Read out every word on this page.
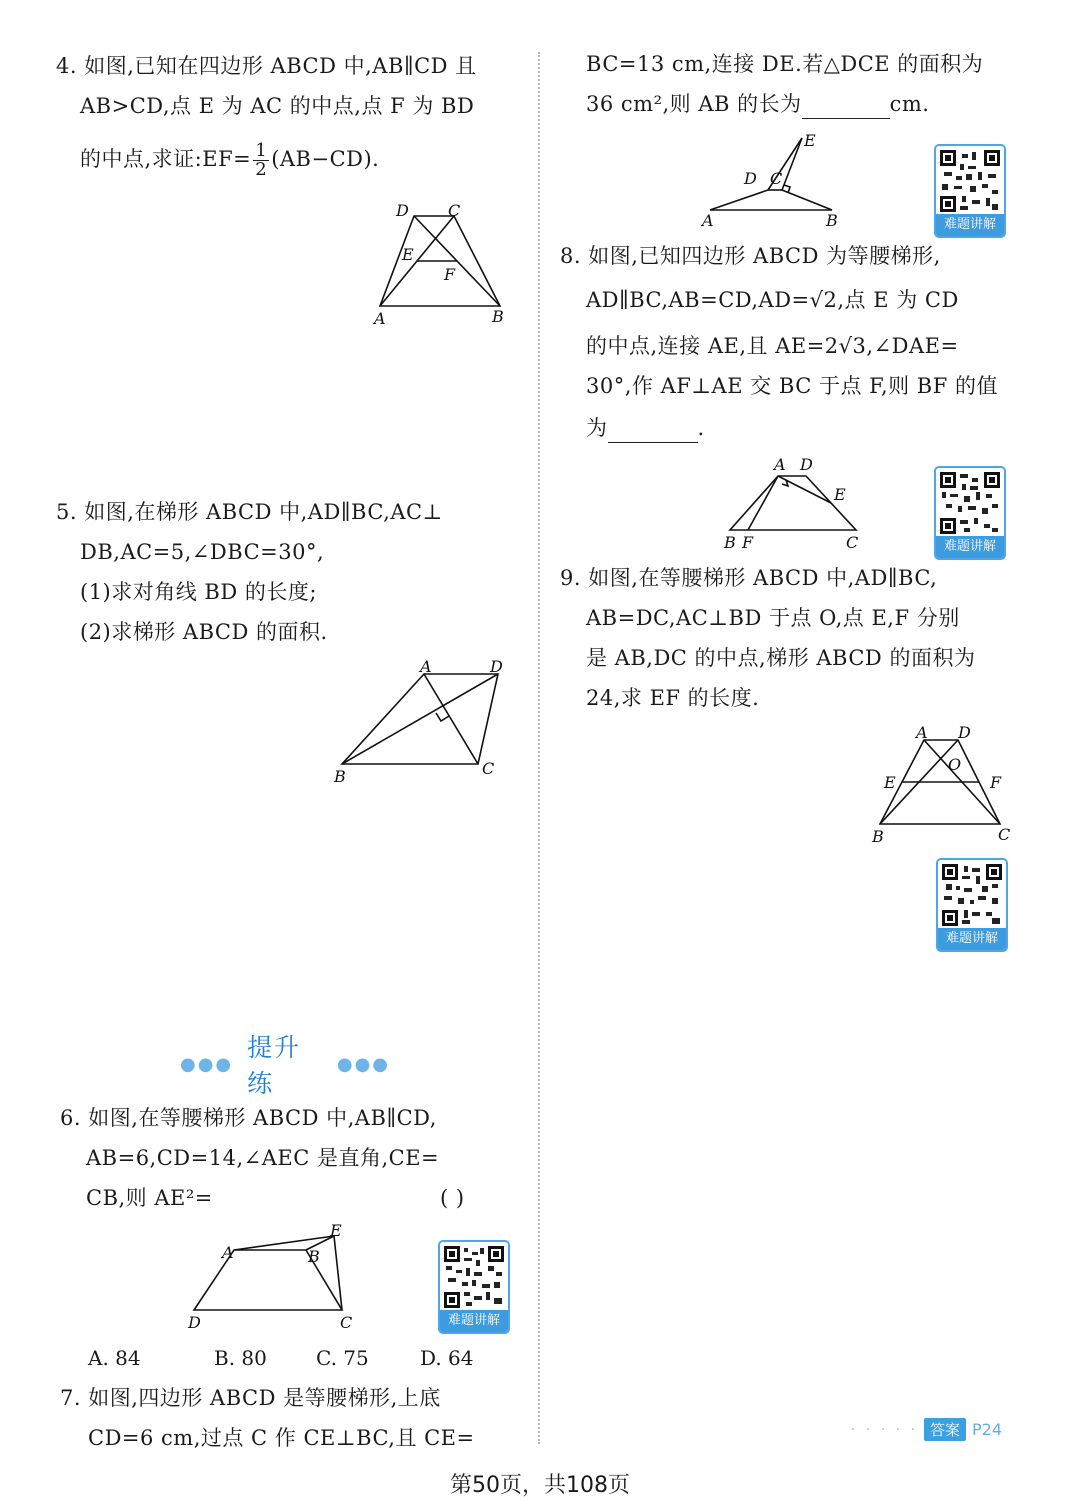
4. 如图,已知在四边形 ABCD 中,AB∥CD 且
AB>CD,点 E 为 AC 的中点,点 F 为 BD
的中点,求证:EF= $\frac{1}{2} (AB-CD)$.
D C
E
F
A	B
5. 如图,在梯形 ABCD 中,AD∥BC,AC⊥
DB,AC=5,∠DBC=30°,
(1)求对角线 BD 的长度;
(2)求梯形 ABCD 的面积.
A	D
B	C
●●●
提升练
●●●
6. 如图,在等腰梯形 ABCD 中,AB∥CD,
AB=6,CD=14,∠AEC 是直角,CE=
CB,则 AE²=	( )
A	B
E
D	C	难题讲解
A. 84	B. 80 C. 75	D. 64
7. 如图,四边形 ABCD 是等腰梯形,上底
CD=6 cm,过点 C 作 CE⊥BC,且 CE=
BC=13 cm,连接 DE.若△DCE 的面积为
36 cm²,则 AB 的长为	cm.
E
D C
A	B	难题讲解
8. 如图,已知四边形 ABCD 为等腰梯形,
AD∥BC,AB=CD,AD=√2,点 E 为 CD
的中点,连接 AE,且 AE=2√3,∠DAE=
30°,作 AF⊥AE 交 BC 于点 F,则 BF 的值
为	.
A D
E
B F	C	难题讲解
9. 如图,在等腰梯形 ABCD 中,AD∥BC,
AB=DC,AC⊥BD 于点 O,点 E,F 分别
是 AB,DC 的中点,梯形 ABCD 的面积为
24,求 EF 的长度.
A D
O
E	F
B	C
难题讲解
· · · · · 答案 P24
第50页，共108页
